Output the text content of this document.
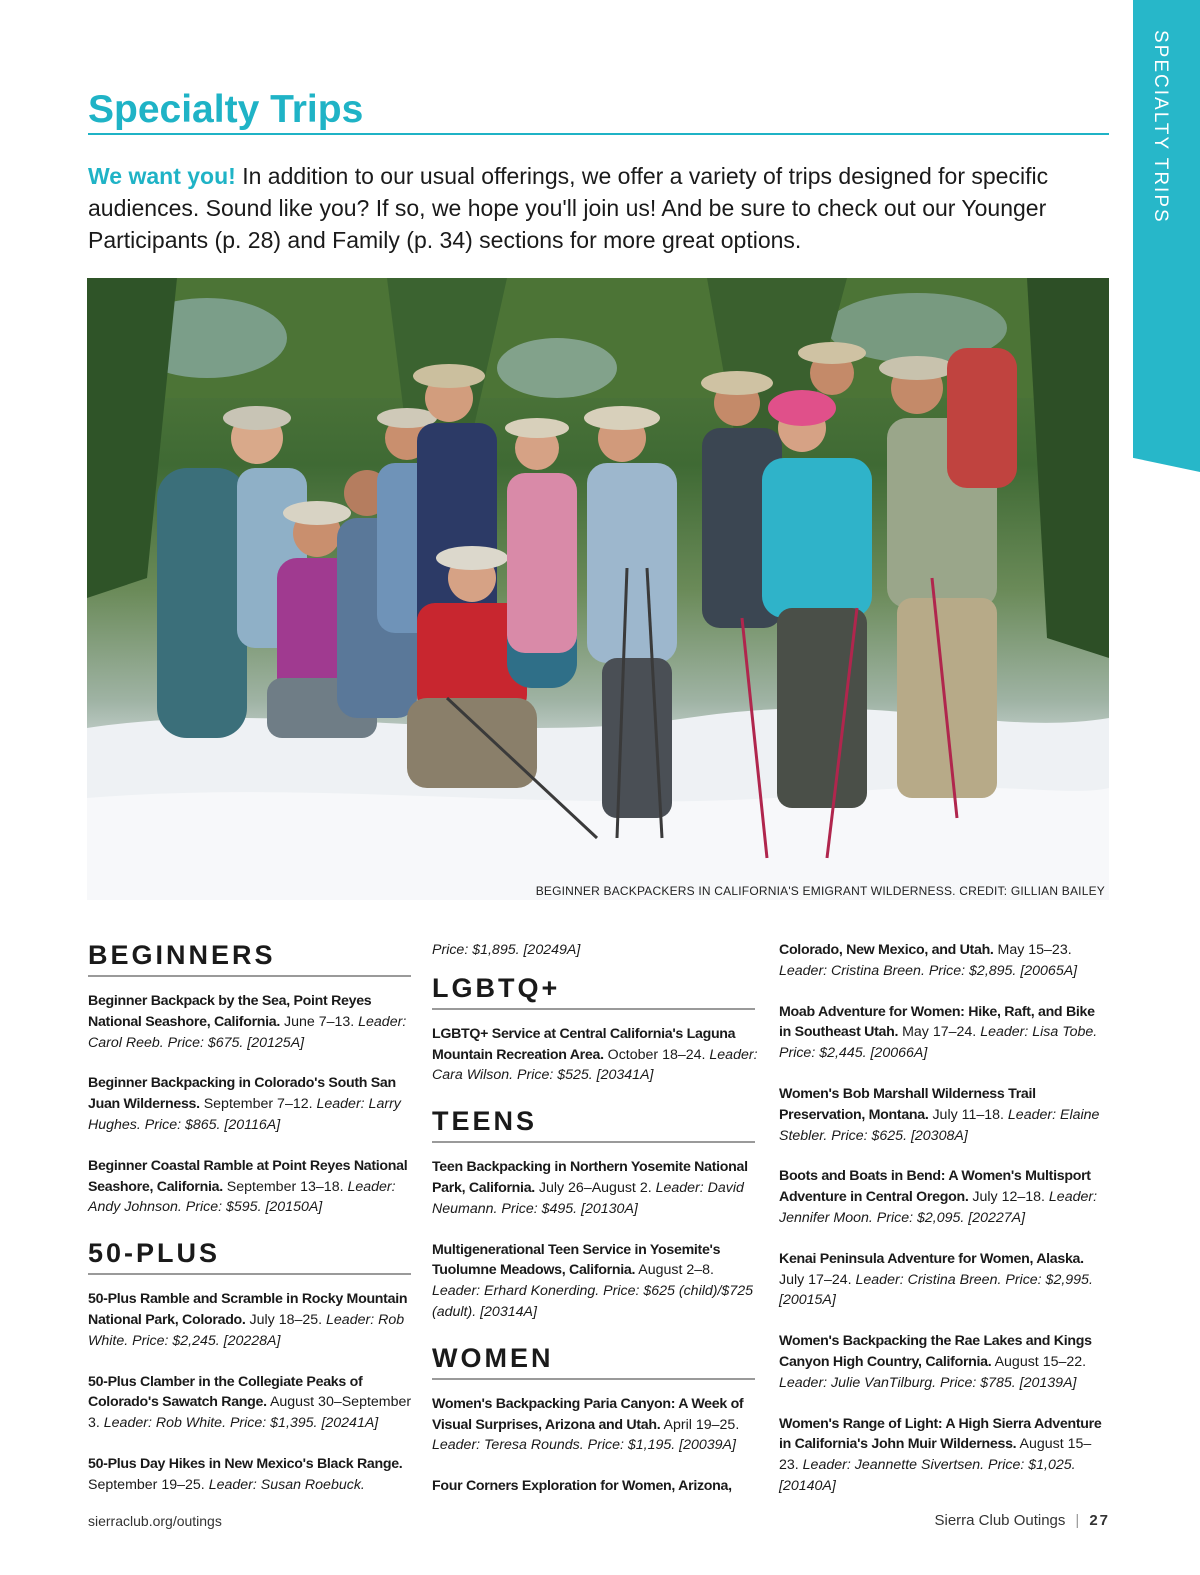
SPECIALTY TRIPS
Specialty Trips

We want you! In addition to our usual offerings, we offer a variety of trips designed for specific audiences. Sound like you? If so, we hope you'll join us! And be sure to check out our Younger Participants (p. 28) and Family (p. 34) sections for more great options.

BEGINNER BACKPACKERS IN CALIFORNIA'S EMIGRANT WILDERNESS. CREDIT: GILLIAN BAILEY
BEGINNERS
Beginner Backpack by the Sea, Point Reyes National Seashore, California. June 7–13. Leader: Carol Reeb. Price: $675. [20125A]
Beginner Backpacking in Colorado's South San Juan Wilderness. September 7–12. Leader: Larry Hughes. Price: $865. [20116A]
Beginner Coastal Ramble at Point Reyes National Seashore, California. September 13–18. Leader: Andy Johnson. Price: $595. [20150A]
50-PLUS
50-Plus Ramble and Scramble in Rocky Mountain National Park, Colorado. July 18–25. Leader: Rob White. Price: $2,245. [20228A]
50-Plus Clamber in the Collegiate Peaks of Colorado's Sawatch Range. August 30–September 3. Leader: Rob White. Price: $1,395. [20241A]
50-Plus Day Hikes in New Mexico's Black Range. September 19–25. Leader: Susan Roebuck.
Price: $1,895. [20249A]
LGBTQ+
LGBTQ+ Service at Central California's Laguna Mountain Recreation Area. October 18–24. Leader: Cara Wilson. Price: $525. [20341A]
TEENS
Teen Backpacking in Northern Yosemite National Park, California. July 26–August 2. Leader: David Neumann. Price: $495. [20130A]
Multigenerational Teen Service in Yosemite's Tuolumne Meadows, California. August 2–8. Leader: Erhard Konerding. Price: $625 (child)/$725 (adult). [20314A]
WOMEN
Women's Backpacking Paria Canyon: A Week of Visual Surprises, Arizona and Utah. April 19–25. Leader: Teresa Rounds. Price: $1,195. [20039A]
Four Corners Exploration for Women, Arizona,
Colorado, New Mexico, and Utah. May 15–23. Leader: Cristina Breen. Price: $2,895. [20065A]
Moab Adventure for Women: Hike, Raft, and Bike in Southeast Utah. May 17–24. Leader: Lisa Tobe. Price: $2,445. [20066A]
Women's Bob Marshall Wilderness Trail Preservation, Montana. July 11–18. Leader: Elaine Stebler. Price: $625. [20308A]
Boots and Boats in Bend: A Women's Multisport Adventure in Central Oregon. July 12–18. Leader: Jennifer Moon. Price: $2,095. [20227A]
Kenai Peninsula Adventure for Women, Alaska. July 17–24. Leader: Cristina Breen. Price: $2,995. [20015A]
Women's Backpacking the Rae Lakes and Kings Canyon High Country, California. August 15–22. Leader: Julie VanTilburg. Price: $785. [20139A]
Women's Range of Light: A High Sierra Adventure in California's John Muir Wilderness. August 15–23. Leader: Jeannette Sivertsen. Price: $1,025. [20140A]
sierraclub.org/outings	Sierra Club Outings | 27
